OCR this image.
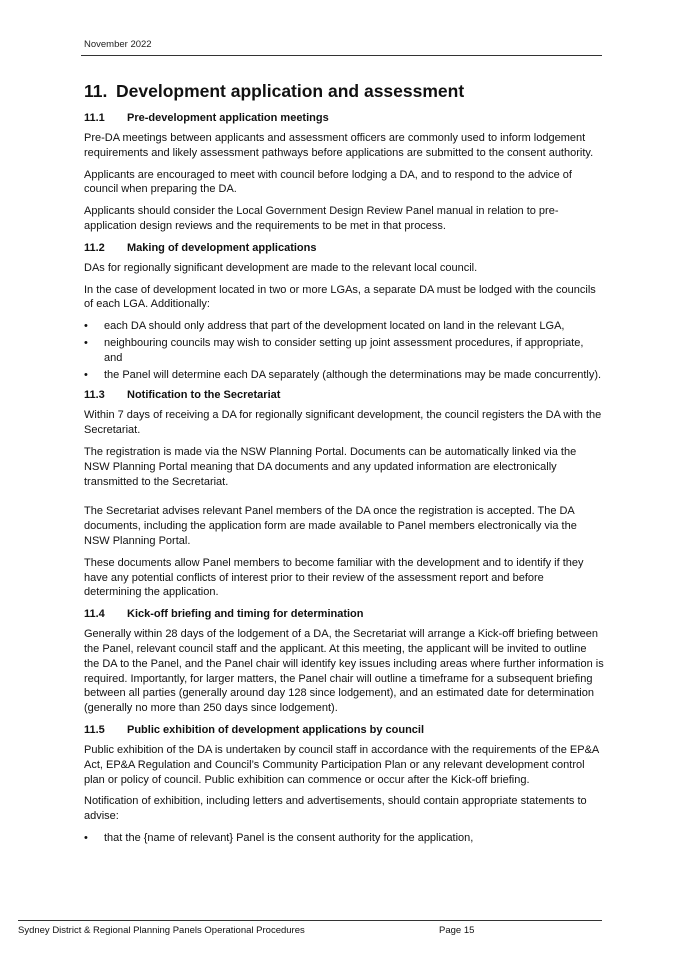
November 2022
11. Development application and assessment
11.1 Pre-development application meetings

Pre-DA meetings between applicants and assessment officers are commonly used to inform lodgement requirements and likely assessment pathways before applications are submitted to the consent authority.

Applicants are encouraged to meet with council before lodging a DA, and to respond to the advice of council when preparing the DA.

Applicants should consider the Local Government Design Review Panel manual in relation to pre-application design reviews and the requirements to be met in that process.

11.2 Making of development applications

DAs for regionally significant development are made to the relevant local council.

In the case of development located in two or more LGAs, a separate DA must be lodged with the councils of each LGA. Additionally:

• each DA should only address that part of the development located on land in the relevant LGA,
• neighbouring councils may wish to consider setting up joint assessment procedures, if appropriate, and
• the Panel will determine each DA separately (although the determinations may be made concurrently).
11.3 Notification to the Secretariat

Within 7 days of receiving a DA for regionally significant development, the council registers the DA with the Secretariat.

The registration is made via the NSW Planning Portal. Documents can be automatically linked via the NSW Planning Portal meaning that DA documents and any updated information are electronically transmitted to the Secretariat.

The Secretariat advises relevant Panel members of the DA once the registration is accepted. The DA documents, including the application form are made available to Panel members electronically via the NSW Planning Portal.

These documents allow Panel members to become familiar with the development and to identify if they have any potential conflicts of interest prior to their review of the assessment report and before determining the application.

11.4 Kick-off briefing and timing for determination

Generally within 28 days of the lodgement of a DA, the Secretariat will arrange a Kick-off briefing between the Panel, relevant council staff and the applicant. At this meeting, the applicant will be invited to outline the DA to the Panel, and the Panel chair will identify key issues including areas where further information is required. Importantly, for larger matters, the Panel chair will outline a timeframe for a subsequent briefing between all parties (generally around day 128 since lodgement), and an estimated date for determination (generally no more than 250 days since lodgement).

11.5 Public exhibition of development applications by council

Public exhibition of the DA is undertaken by council staff in accordance with the requirements of the EP&A Act, EP&A Regulation and Council’s Community Participation Plan or any relevant development control plan or policy of council. Public exhibition can commence or occur after the Kick-off briefing.

Notification of exhibition, including letters and advertisements, should contain appropriate statements to advise:

• that the {name of relevant} Panel is the consent authority for the application,
Sydney District & Regional Planning Panels Operational Procedures	Page 15
